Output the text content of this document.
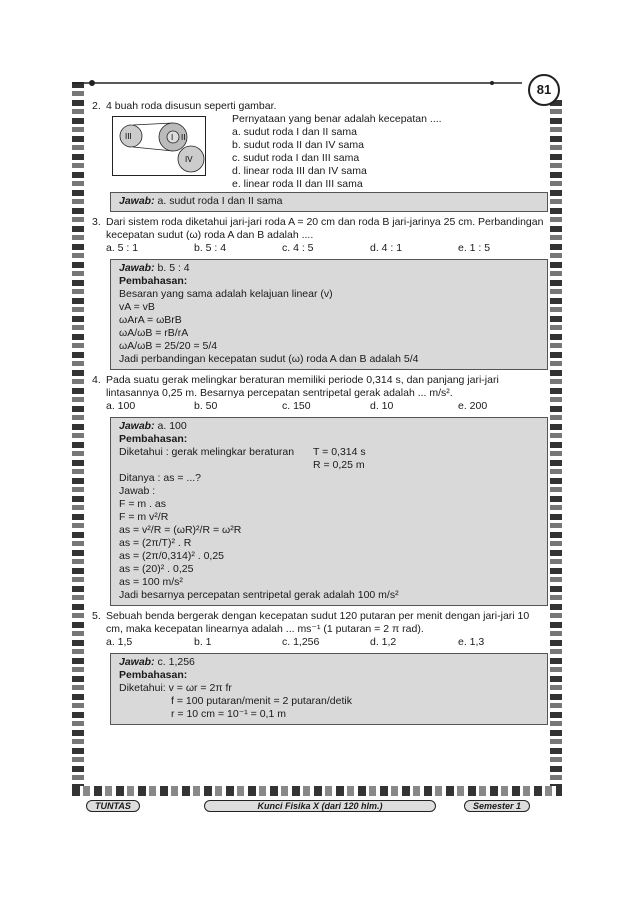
81
2. 4 buah roda disusun seperti gambar.
III	I II
IV
Pernyataan yang benar adalah kecepatan ....
a. sudut roda I dan II sama
b. sudut roda II dan IV sama
c. sudut roda I dan III sama
d. linear roda III dan IV sama
e. linear roda II dan III sama
Jawab: a. sudut roda I dan II sama
3. Dari sistem roda diketahui jari-jari roda A = 20 cm dan roda B jari-jarinya 25 cm. Perbandingan kecepatan sudut (ω) roda A dan B adalah ....
a. 5 : 1	b. 5 : 4	c. 4 : 5	d. 4 : 1	e. 1 : 5
Jawab: b. 5 : 4
Pembahasan:
Besaran yang sama adalah kelajuan linear (v)
vA = vB
ωArA = ωBrB
ωA/ωB = rB/rA
ωA/ωB = 25/20 = 5/4
Jadi perbandingan kecepatan sudut (ω) roda A dan B adalah 5/4
4. Pada suatu gerak melingkar beraturan memiliki periode 0,314 s, dan panjang jari-jari lintasannya 0,25 m. Besarnya percepatan sentripetal gerak adalah ... m/s².
a. 100	b. 50	c. 150	d. 10	e. 200
Jawab: a. 100
Pembahasan:
Diketahui : gerak melingkar beraturan	T = 0,314 s
R = 0,25 m
Ditanya : as = ...?
Jawab :
F = m . as
F = m v²/R
as = v²/R = (ωR)²/R = ω²R
as = (2π/T)² . R
as = (2π/0,314)² . 0,25
as = (20)² . 0,25
as = 100 m/s²
Jadi besarnya percepatan sentripetal gerak adalah 100 m/s²
5. Sebuah benda bergerak dengan kecepatan sudut 120 putaran per menit dengan jari-jari 10 cm, maka kecepatan linearnya adalah ... ms⁻¹ (1 putaran = 2 π rad).
a. 1,5	b. 1	c. 1,256	d. 1,2	e. 1,3
Jawab: c. 1,256
Pembahasan:
Diketahui: v = ωr = 2π fr
f = 100 putaran/menit = 2 putaran/detik
r = 10 cm = 10⁻¹ = 0,1 m
TUNTAS	Kunci Fisika X (dari 120 hlm.)	Semester 1
